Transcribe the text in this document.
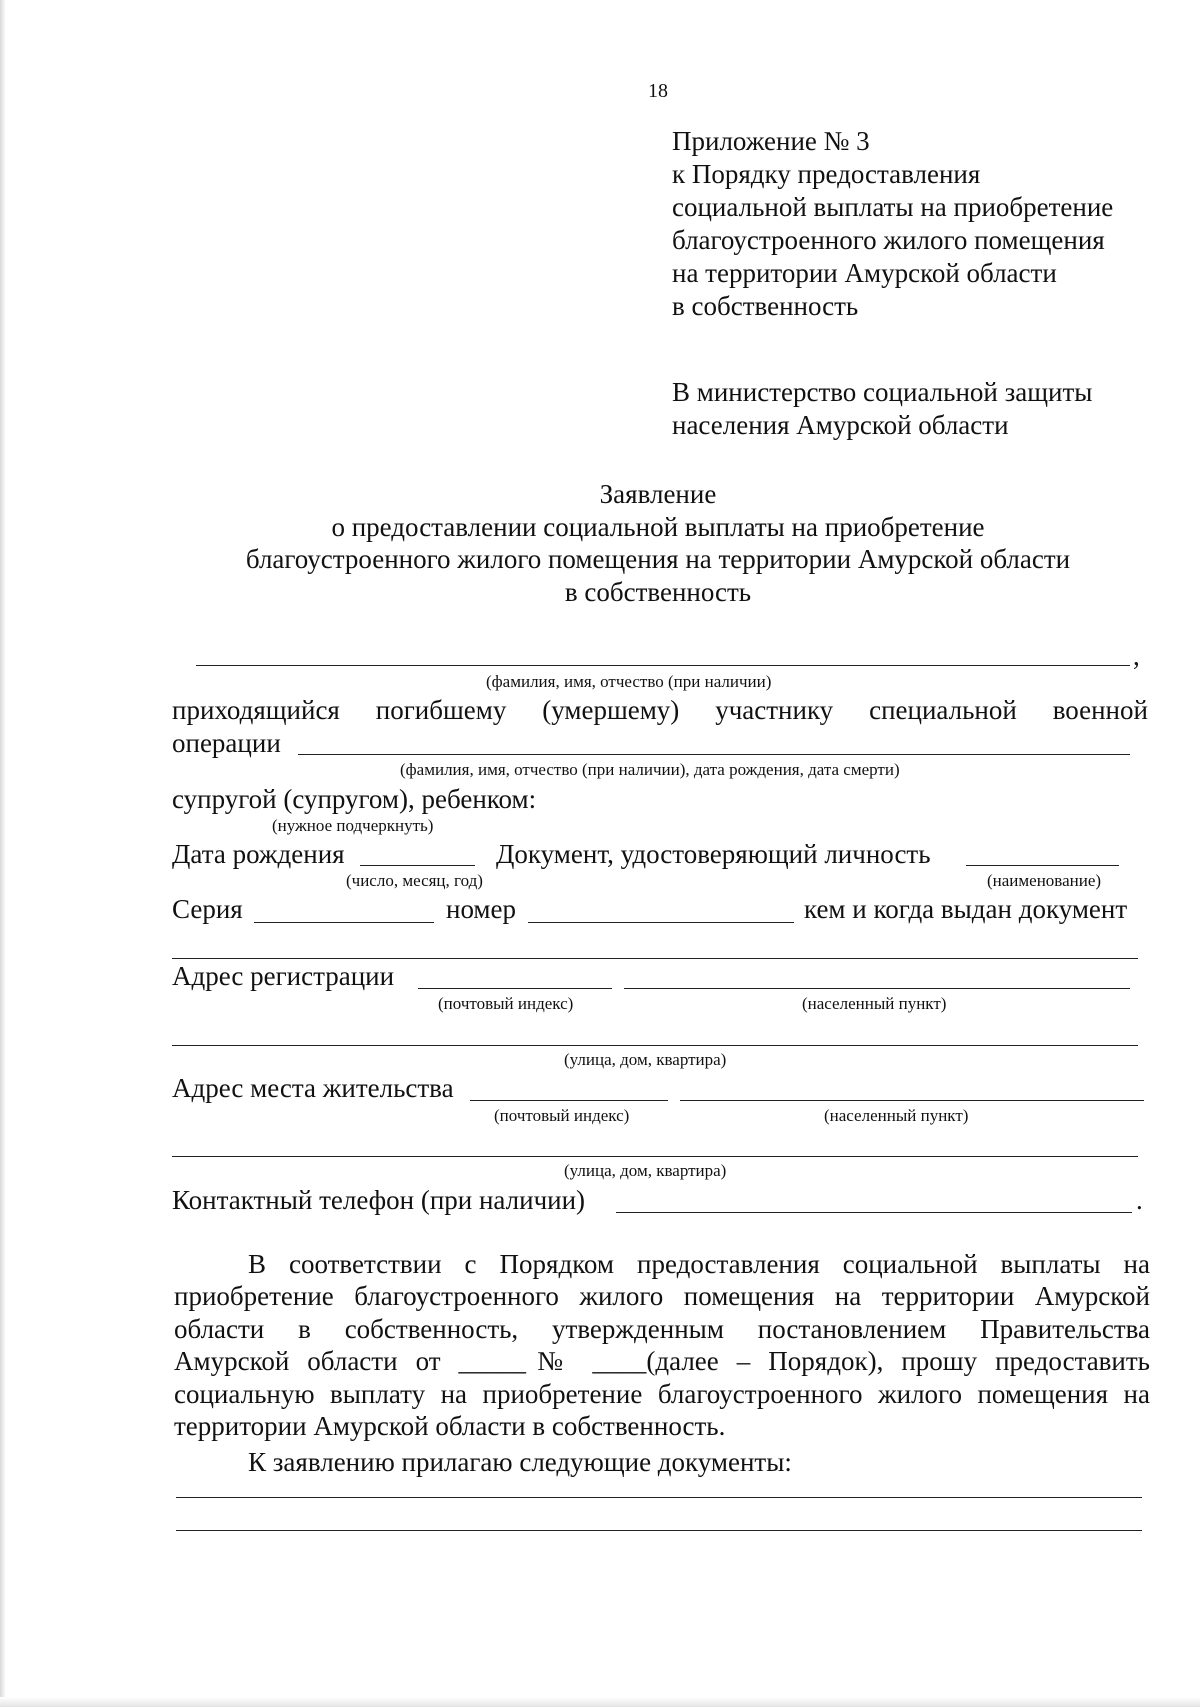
18
Приложение № 3
к Порядку предоставления
социальной выплаты на приобретение
благоустроенного жилого помещения
на территории Амурской области
в собственность
В министерство социальной защиты
населения Амурской области
Заявление
о предоставлении социальной выплаты на приобретение
благоустроенного жилого помещения на территории Амурской области
в собственность
,
(фамилия, имя, отчество (при наличии)
приходящийся погибшему (умершему) участнику специальной военной
операции
(фамилия, имя, отчество (при наличии), дата рождения, дата смерти)
супругой (супругом), ребенком:
(нужное подчеркнуть)
Дата рождения	Документ, удостоверяющий личность
(число, месяц, год)	(наименование)
Серия	номер	кем и когда выдан документ
Адрес регистрации
(почтовый индекс)	(населенный пункт)
(улица, дом, квартира)
Адрес места жительства
(почтовый индекс)	(населенный пункт)
(улица, дом, квартира)
Контактный телефон (при наличии)	.
В соответствии с Порядком предоставления социальной выплаты на
приобретение благоустроенного жилого помещения на территории Амурской
области в собственность, утвержденным постановлением Правительства
Амурской области от _____№ ____(далее – Порядок), прошу предоставить
социальную выплату на приобретение благоустроенного жилого помещения на
территории Амурской области в собственность.
К заявлению прилагаю следующие документы:
